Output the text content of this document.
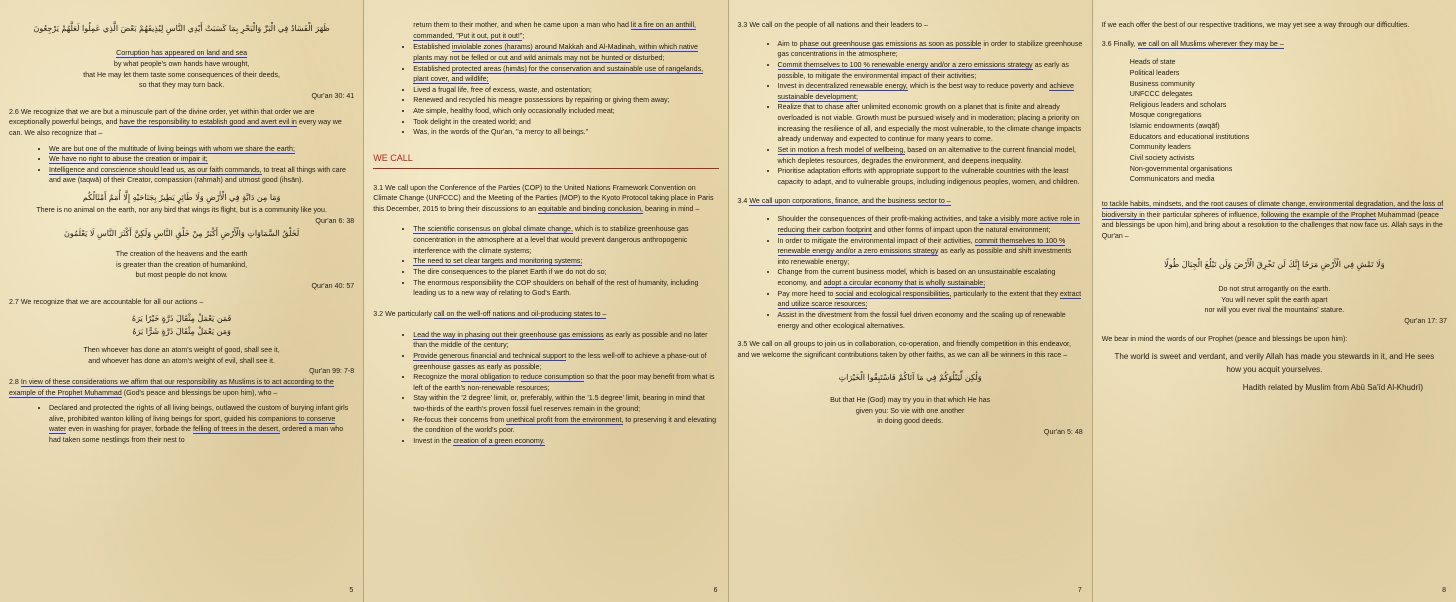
ظَهَرَ الْفَسَادُ فِي الْبَرِّ وَالْبَحْرِ بِمَا كَسَبَتْ أَيْدِي النَّاسِ لِيُذِيقَهُمْ بَعْضَ الَّذِي عَمِلُوا لَعَلَّهُمْ يَرْجِعُونَ
Corruption has appeared on land and sea
by what people's own hands have wrought,
that He may let them taste some consequences of their deeds,
so that they may turn back.
Qur'an 30: 41
2.6 We recognize that we are but a minuscule part of the divine order, yet within that order we are exceptionally powerful beings, and have the responsibility to establish good and avert evil in every way we can. We also recognize that –
• We are but one of the multitude of living beings with whom we share the earth;
• We have no right to abuse the creation or impair it;
• Intelligence and conscience should lead us, as our faith commands, to treat all things with care and awe (taqwā) of their Creator, compassion (rahmah) and utmost good (ihsān).
وَمَا مِن دَابَّةٍ فِي الْأَرْضِ وَلَا طَائِرٍ يَطِيرُ بِجَنَاحَيْهِ إِلَّا أُمَمٌ أَمْثَالُكُم
There is no animal on the earth, nor any bird that wings its flight, but is a community like you.
Qur'an 6: 38
لَخَلْقُ السَّمَاوَاتِ وَالْأَرْضِ أَكْبَرُ مِنْ خَلْقِ النَّاسِ وَلَكِنَّ أَكْثَرَ النَّاسِ لَا يَعْلَمُونَ
The creation of the heavens and the earth
is greater than the creation of humankind,
but most people do not know.
Qur'an 40: 57
2.7 We recognize that we are accountable for all our actions –
فَمَن يَعْمَلْ مِثْقَالَ ذَرَّةٍ خَيْرًا يَرَهُ
وَمَن يَعْمَلْ مِثْقَالَ ذَرَّةٍ شَرًّا يَرَهُ
Then whoever has done an atom's weight of good, shall see it,
and whoever has done an atom's weight of evil, shall see it.
Qur'an 99: 7-8
2.8 In view of these considerations we affirm that our responsibility as Muslims is to act according to the example of the Prophet Muhammad (God's peace and blessings be upon him), who –
• Declared and protected the rights of all living beings, outlawed the custom of burying infant girls alive, prohibited wanton killing of living beings for sport, guided his companions to conserve water even in washing for prayer, forbade the felling of trees in the desert, ordered a man who had taken some nestlings from their nest to
5
return them to their mother, and when he came upon a man who had lit a fire on an anthill, commanded, "Put it out, put it out!";
• Established inviolable zones (harams) around Makkah and Al-Madinah, within which native plants may not be felled or cut and wild animals may not be hunted or disturbed;
• Established protected areas (himās) for the conservation and sustainable use of rangelands, plant cover, and wildlife;
• Lived a frugal life, free of excess, waste, and ostentation;
• Renewed and recycled his meagre possessions by repairing or giving them away;
• Ate simple, healthy food, which only occasionally included meat;
• Took delight in the created world; and
• Was, in the words of the Qur'an, "a mercy to all beings."
WE CALL
3.1 We call upon the Conference of the Parties (COP) to the United Nations Framework Convention on Climate Change (UNFCCC) and the Meeting of the Parties (MOP) to the Kyoto Protocol taking place in Paris this December, 2015 to bring their discussions to an equitable and binding conclusion, bearing in mind –
• The scientific consensus on global climate change, which is to stabilize greenhouse gas concentration in the atmosphere at a level that would prevent dangerous anthropogenic interference with the climate systems;
• The need to set clear targets and monitoring systems;
• The dire consequences to the planet Earth if we do not do so;
• The enormous responsibility the COP shoulders on behalf of the rest of humanity, including leading us to a new way of relating to God's Earth.
3.2 We particularly call on the well-off nations and oil-producing states to –
• Lead the way in phasing out their greenhouse gas emissions as early as possible and no later than the middle of the century;
• Provide generous financial and technical support to the less well-off to achieve a phase-out of greenhouse gasses as early as possible;
• Recognize the moral obligation to reduce consumption so that the poor may benefit from what is left of the earth's non-renewable resources;
• Stay within the '2 degree' limit, or, preferably, within the '1.5 degree' limit, bearing in mind that two-thirds of the earth's proven fossil fuel reserves remain in the ground;
• Re-focus their concerns from unethical profit from the environment, to preserving it and elevating the condition of the world's poor.
• Invest in the creation of a green economy.
6
3.3 We call on the people of all nations and their leaders to –
• Aim to phase out greenhouse gas emissions as soon as possible in order to stabilize greenhouse gas concentrations in the atmosphere;
• Commit themselves to 100 % renewable energy and/or a zero emissions strategy as early as possible, to mitigate the environmental impact of their activities;
• Invest in decentralized renewable energy, which is the best way to reduce poverty and achieve sustainable development;
• Realize that to chase after unlimited economic growth on a planet that is finite and already overloaded is not viable. Growth must be pursued wisely and in moderation; placing a priority on increasing the resilience of all, and especially the most vulnerable, to the climate change impacts already underway and expected to continue for many years to come.
• Set in motion a fresh model of wellbeing, based on an alternative to the current financial model, which depletes resources, degrades the environment, and deepens inequality.
• Prioritise adaptation efforts with appropriate support to the vulnerable countries with the least capacity to adapt, and to vulnerable groups, including indigenous peoples, women, and children.
3.4 We call upon corporations, finance, and the business sector to –
• Shoulder the consequences of their profit-making activities, and take a visibly more active role in reducing their carbon footprint and other forms of impact upon the natural environment;
• In order to mitigate the environmental impact of their activities, commit themselves to 100 % renewable energy and/or a zero emissions strategy as early as possible and shift investments into renewable energy;
• Change from the current business model, which is based on an unsustainable escalating economy, and adopt a circular economy that is wholly sustainable;
• Pay more heed to social and ecological responsibilities, particularly to the extent that they extract and utilize scarce resources;
• Assist in the divestment from the fossil fuel driven economy and the scaling up of renewable energy and other ecological alternatives.
3.5 We call on all groups to join us in collaboration, co-operation, and friendly competition in this endeavor, and we welcome the significant contributions taken by other faiths, as we can all be winners in this race –
وَلَٰكِن لِّيَبْلُوَكُمْ فِي مَا آتَاكُمْ فَاسْتَبِقُوا الْخَيْرَاتِ
But that He (God) may try you in that which He has
given you: So vie with one another
in doing good deeds.
Qur'an 5: 48
7
If we each offer the best of our respective traditions, we may yet see a way through our difficulties.
3.6 Finally, we call on all Muslims wherever they may be –
Heads of state
Political leaders
Business community
UNFCCC delegates
Religious leaders and scholars
Mosque congregations
Islamic endowments (awqāf)
Educators and educational institutions
Community leaders
Civil society activists
Non-governmental organisations
Communicators and media
to tackle habits, mindsets, and the root causes of climate change, environmental degradation, and the loss of biodiversity in their particular spheres of influence, following the example of the Prophet Muhammad (peace and blessings be upon him),and bring about a resolution to the challenges that now face us. Allah says in the Qur'an –
وَلَا تَمْشِ فِي الْأَرْضِ مَرَحًا إِنَّكَ لَن تَخْرِقَ الْأَرْضَ وَلَن تَبْلُغَ الْجِبَالَ طُولًا
Do not strut arrogantly on the earth.
You will never split the earth apart
nor will you ever rival the mountains' stature.
Qur'an 17: 37
We bear in mind the words of our Prophet (peace and blessings be upon him):
The world is sweet and verdant, and verily Allah has made you stewards in it, and He sees how you acquit yourselves.
Hadith related by Muslim from Abū Sa'īd Al-Khudrī)
8
